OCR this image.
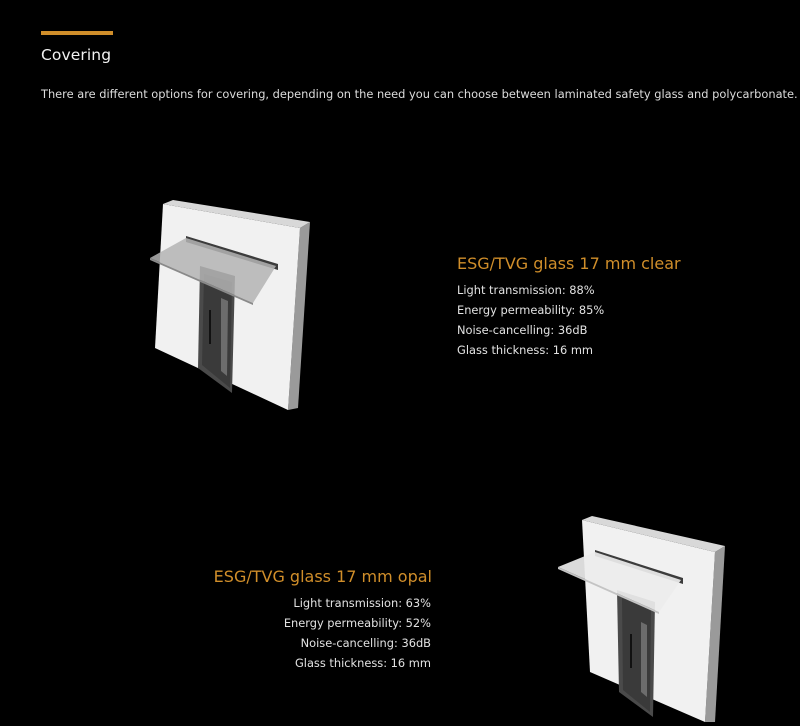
Covering

There are different options for covering, depending on the need you can choose between laminated safety glass and polycarbonate.

ESG/TVG glass 17 mm clear
Light transmission: 88%
Energy permeability: 85%
Noise-cancelling: 36dB
Glass thickness: 16 mm
ESG/TVG glass 17 mm opal
Light transmission: 63%
Energy permeability: 52%
Noise-cancelling: 36dB
Glass thickness: 16 mm
